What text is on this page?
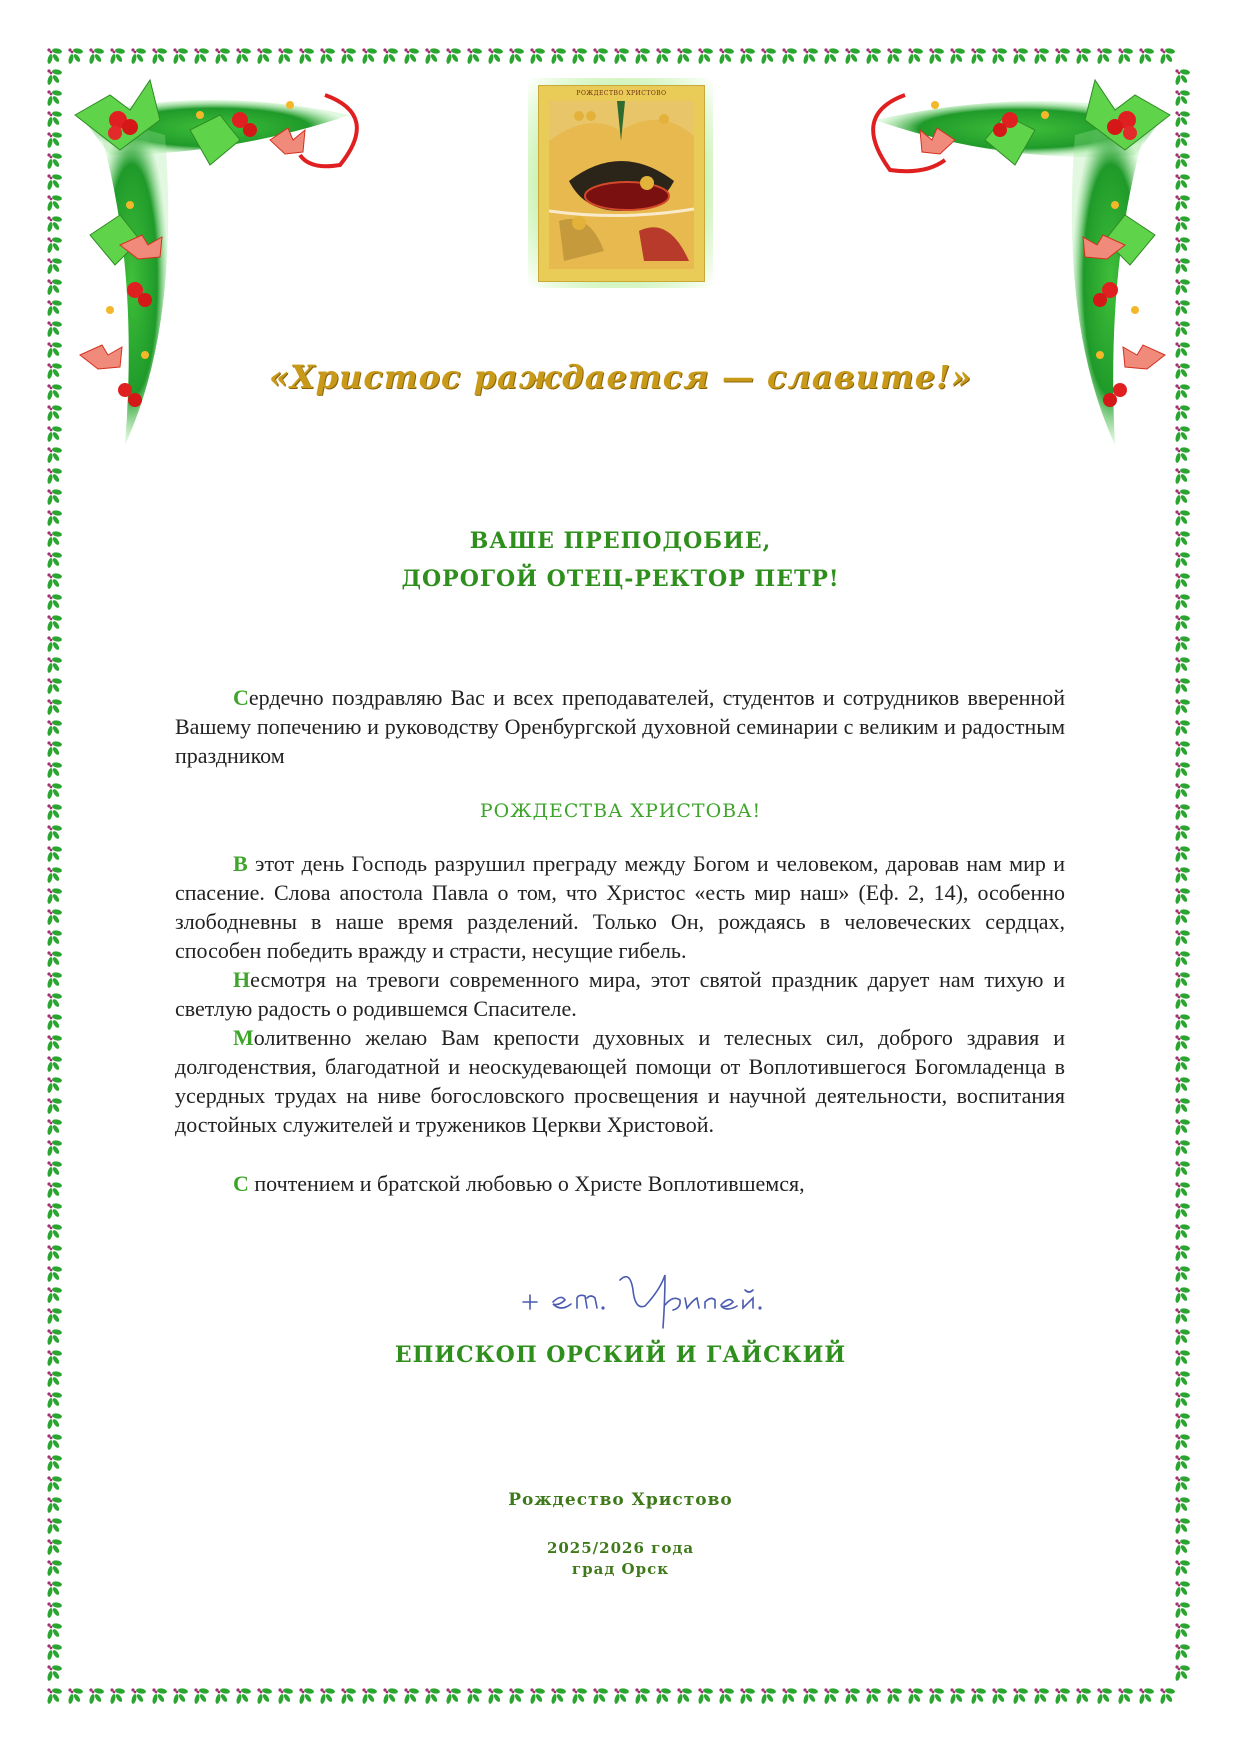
РОЖДЕСТВО ХРИСТОВО
«Христос раждается — славите!»
ВАШЕ ПРЕПОДОБИЕ,
ДОРОГОЙ ОТЕЦ-РЕКТОР ПЕТР!

Сердечно поздравляю Вас и всех преподавателей, студентов и сотрудников вверенной Вашему попечению и руководству Оренбургской духовной семинарии с великим и радостным праздником

РОЖДЕСТВА ХРИСТОВА!

В этот день Господь разрушил преграду между Богом и человеком, даровав нам мир и спасение. Слова апостола Павла о том, что Христос «есть мир наш» (Еф. 2, 14), особенно злободневны в наше время разделений. Только Он, рождаясь в человеческих сердцах, способен победить вражду и страсти, несущие гибель.

Несмотря на тревоги современного мира, этот святой праздник дарует нам тихую и светлую радость о родившемся Спасителе.

Молитвенно желаю Вам крепости духовных и телесных сил, доброго здравия и долгоденствия, благодатной и неоскудевающей помощи от Воплотившегося Богомладенца в усердных трудах на ниве богословского просвещения и научной деятельности, воспитания достойных служителей и тружеников Церкви Христовой.

С почтением и братской любовью о Христе Воплотившемся,
ЕПИСКОП ОРСКИЙ И ГАЙСКИЙ
Рождество Христово
2025/2026 года
град Орск
